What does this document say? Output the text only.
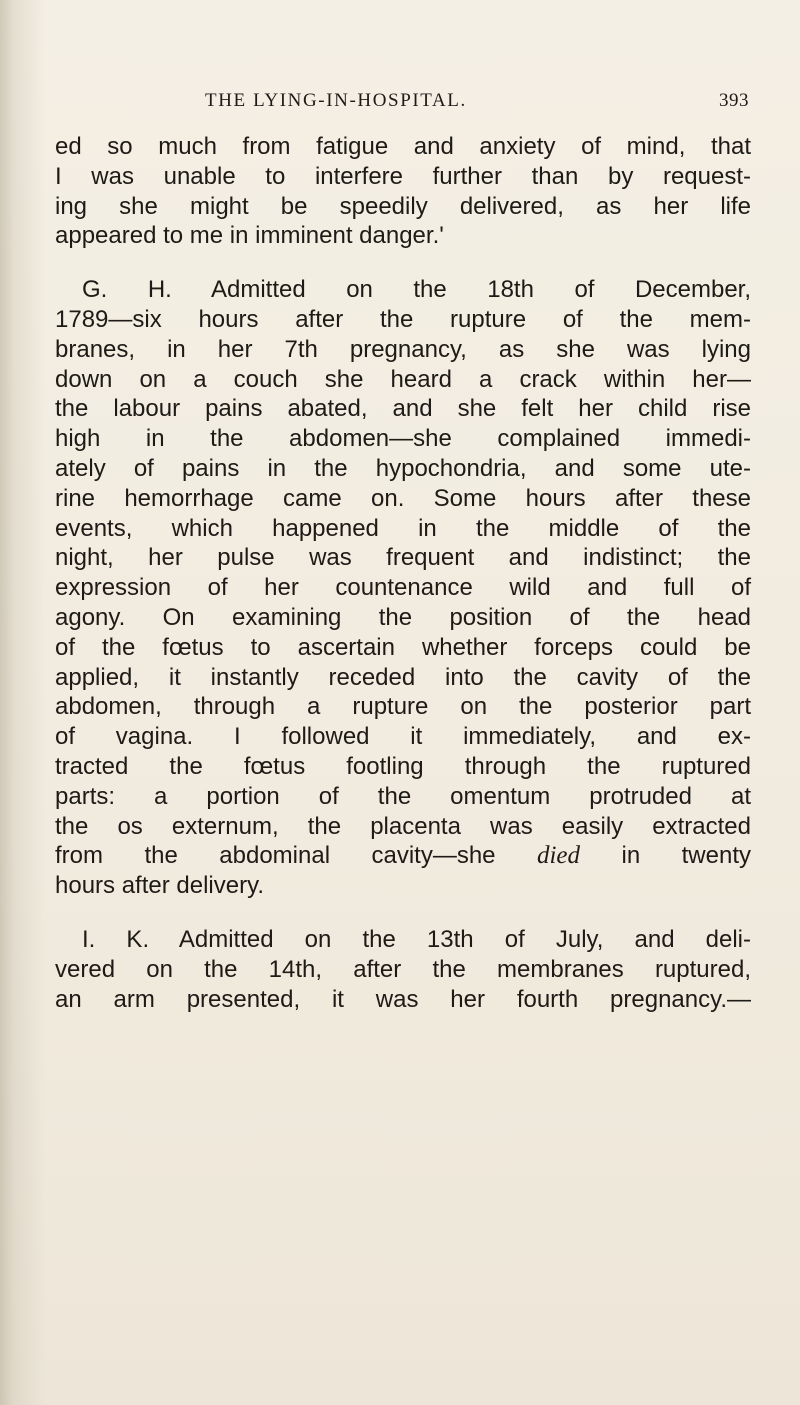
THE LYING-IN-HOSPITAL.	393
ed so much from fatigue and anxiety of mind, that
I was unable to interfere further than by request-
ing she might be speedily delivered, as her life
appeared to me in imminent danger.'
G. H. Admitted on the 18th of December,
1789—six hours after the rupture of the mem-
branes, in her 7th pregnancy, as she was lying
down on a couch she heard a crack within her—
the labour pains abated, and she felt her child rise
high in the abdomen—she complained immedi-
ately of pains in the hypochondria, and some ute-
rine hemorrhage came on. Some hours after these
events, which happened in the middle of the
night, her pulse was frequent and indistinct; the
expression of her countenance wild and full of
agony. On examining the position of the head
of the fœtus to ascertain whether forceps could be
applied, it instantly receded into the cavity of the
abdomen, through a rupture on the posterior part
of vagina. I followed it immediately, and ex-
tracted the fœtus footling through the ruptured
parts: a portion of the omentum protruded at
the os externum, the placenta was easily extracted
from the abdominal cavity—she died in twenty
hours after delivery.
I. K. Admitted on the 13th of July, and deli-
vered on the 14th, after the membranes ruptured,
an arm presented, it was her fourth pregnancy.—
